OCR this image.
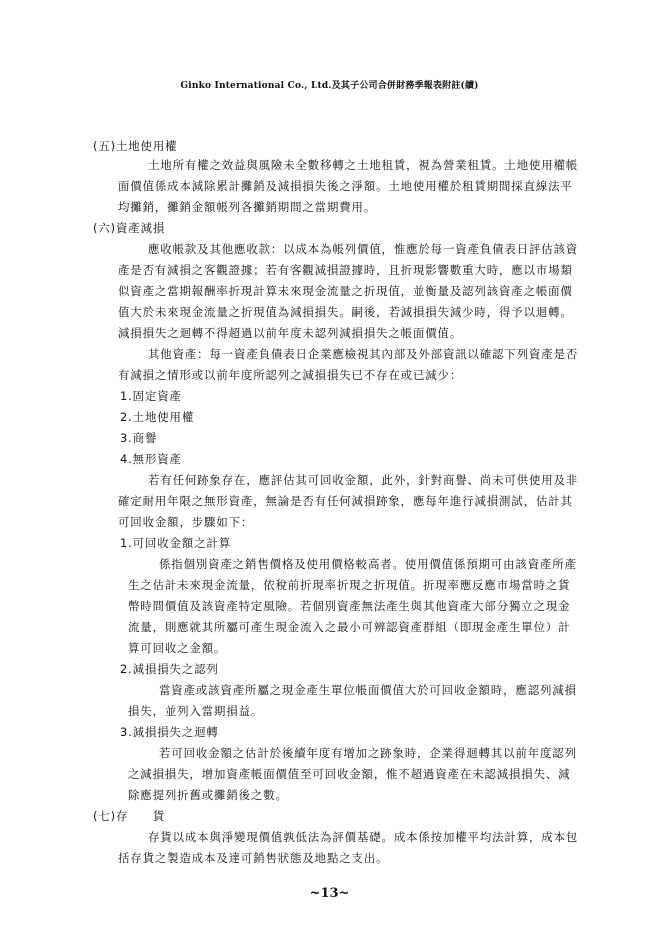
Ginko International Co., Ltd.及其子公司合併財務季報表附註(續)
(五)土地使用權
土地所有權之效益與風險未全數移轉之土地租賃，視為營業租賃。土地使用權帳
面價值係成本減除累計攤銷及減損損失後之淨額。土地使用權於租賃期間採直線法平
均攤銷，攤銷金額帳列各攤銷期間之當期費用。
(六)資產減損
應收帳款及其他應收款：以成本為帳列價值，惟應於每一資產負債表日評估該資
產是否有減損之客觀證據；若有客觀減損證據時，且折現影響數重大時，應以市場類
似資產之當期報酬率折現計算未來現金流量之折現值，並衡量及認列該資產之帳面價
值大於未來現金流量之折現值為減損損失。嗣後，若減損損失減少時，得予以迴轉。
減損損失之迴轉不得超過以前年度未認列減損損失之帳面價值。
其他資產：每一資產負債表日企業應檢視其內部及外部資訊以確認下列資產是否
有減損之情形或以前年度所認列之減損損失已不存在或已減少：
1.固定資產
2.土地使用權
3.商譽
4.無形資產
若有任何跡象存在，應評估其可回收金額，此外，針對商譽、尚未可供使用及非
確定耐用年限之無形資產，無論是否有任何減損跡象，應每年進行減損測試，估計其
可回收金額，步驟如下：
1.可回收金額之計算
係指個別資產之銷售價格及使用價格較高者。使用價值係預期可由該資產所產
生之估計未來現金流量，依稅前折現率折現之折現值。折現率應反應市場當時之貨
幣時間價值及該資產特定風險。若個別資產無法產生與其他資產大部分獨立之現金
流量，則應就其所屬可產生現金流入之最小可辨認資產群組（即現金產生單位）計
算可回收之金額。
2.減損損失之認列
當資產或該資產所屬之現金產生單位帳面價值大於可回收金額時，應認列減損
損失，並列入當期損益。
3.減損損失之迴轉
若可回收金額之估計於後續年度有增加之跡象時，企業得迴轉其以前年度認列
之減損損失，增加資產帳面價值至可回收金額，惟不超過資產在未認減損損失、減
除應提列折舊或攤銷後之數。
(七)存　　貨
存貨以成本與淨變現價值孰低法為評價基礎。成本係按加權平均法計算，成本包
括存貨之製造成本及達可銷售狀態及地點之支出。
~13~
